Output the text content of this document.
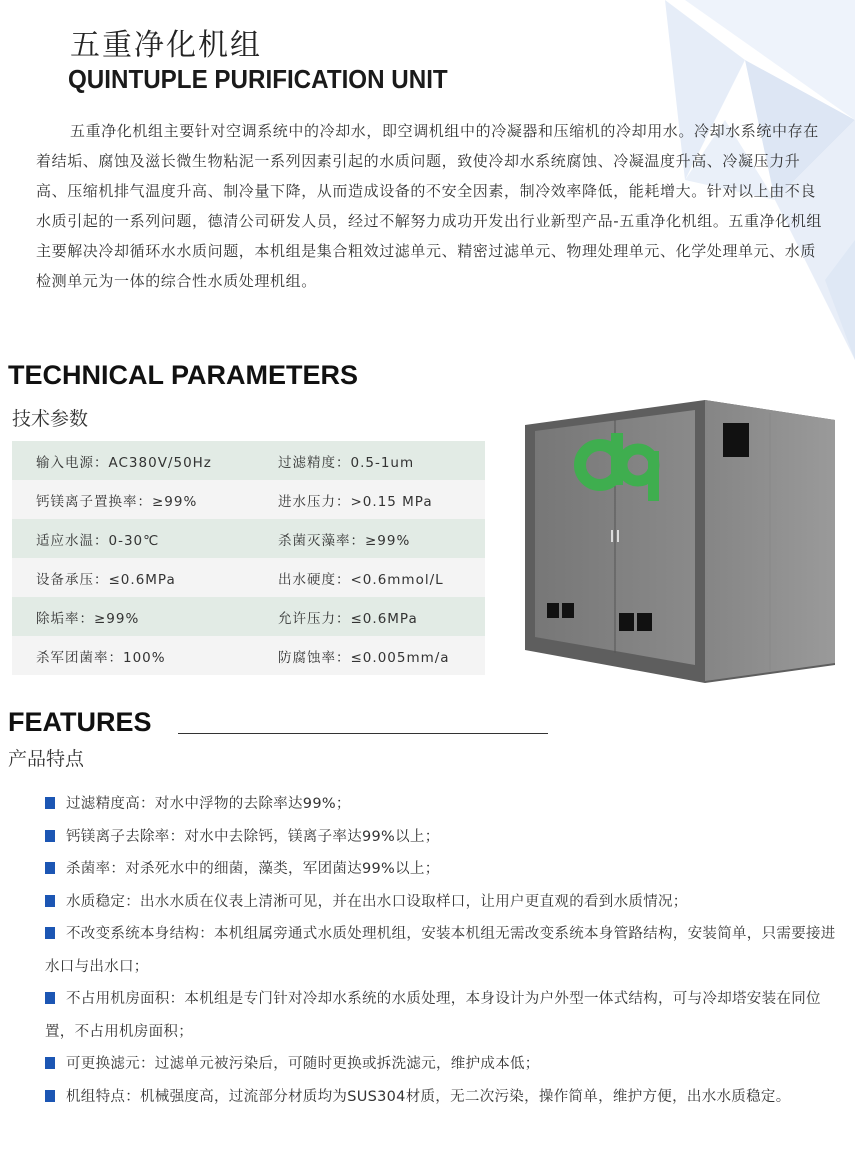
五重净化机组
QUINTUPLE PURIFICATION UNIT

五重净化机组主要针对空调系统中的冷却水，即空调机组中的冷凝器和压缩机的冷却用水。冷却水系统中存在着结垢、腐蚀及滋长微生物粘泥一系列因素引起的水质问题，致使冷却水系统腐蚀、冷凝温度升高、冷凝压力升高、压缩机排气温度升高、制冷量下降，从而造成设备的不安全因素，制冷效率降低，能耗增大。针对以上由不良水质引起的一系列问题，德清公司研发人员，经过不解努力成功开发出行业新型产品-五重净化机组。五重净化机组主要解决冷却循环水水质问题，本机组是集合粗效过滤单元、精密过滤单元、物理处理单元、化学处理单元、水质检测单元为一体的综合性水质处理机组。

TECHNICAL PARAMETERS
技术参数
输入电源：AC380V/50Hz	过滤精度：0.5-1um
钙镁离子置换率：≥99%	进水压力：>0.15 MPa
适应水温：0-30℃	杀菌灭藻率：≥99%
设备承压：≤0.6MPa	出水硬度：<0.6mmol/L
除垢率：≥99%	允许压力：≤0.6MPa
杀军团菌率：100%	防腐蚀率：≤0.005mm/a
FEATURES
产品特点
过滤精度高：对水中浮物的去除率达99%；
钙镁离子去除率：对水中去除钙，镁离子率达99%以上；
杀菌率：对杀死水中的细菌，藻类，军团菌达99%以上；
水质稳定：出水水质在仪表上清淅可见，并在出水口设取样口，让用户更直观的看到水质情况；
不改变系统本身结构：本机组属旁通式水质处理机组，安装本机组无需改变系统本身管路结构，安装简单，只需要接进水口与出水口；
不占用机房面积：本机组是专门针对冷却水系统的水质处理，本身设计为户外型一体式结构，可与冷却塔安装在同位置，不占用机房面积；
可更换滤元：过滤单元被污染后，可随时更换或拆洗滤元，维护成本低；
机组特点：机械强度高，过流部分材质均为SUS304材质，无二次污染，操作简单，维护方便，出水水质稳定。
